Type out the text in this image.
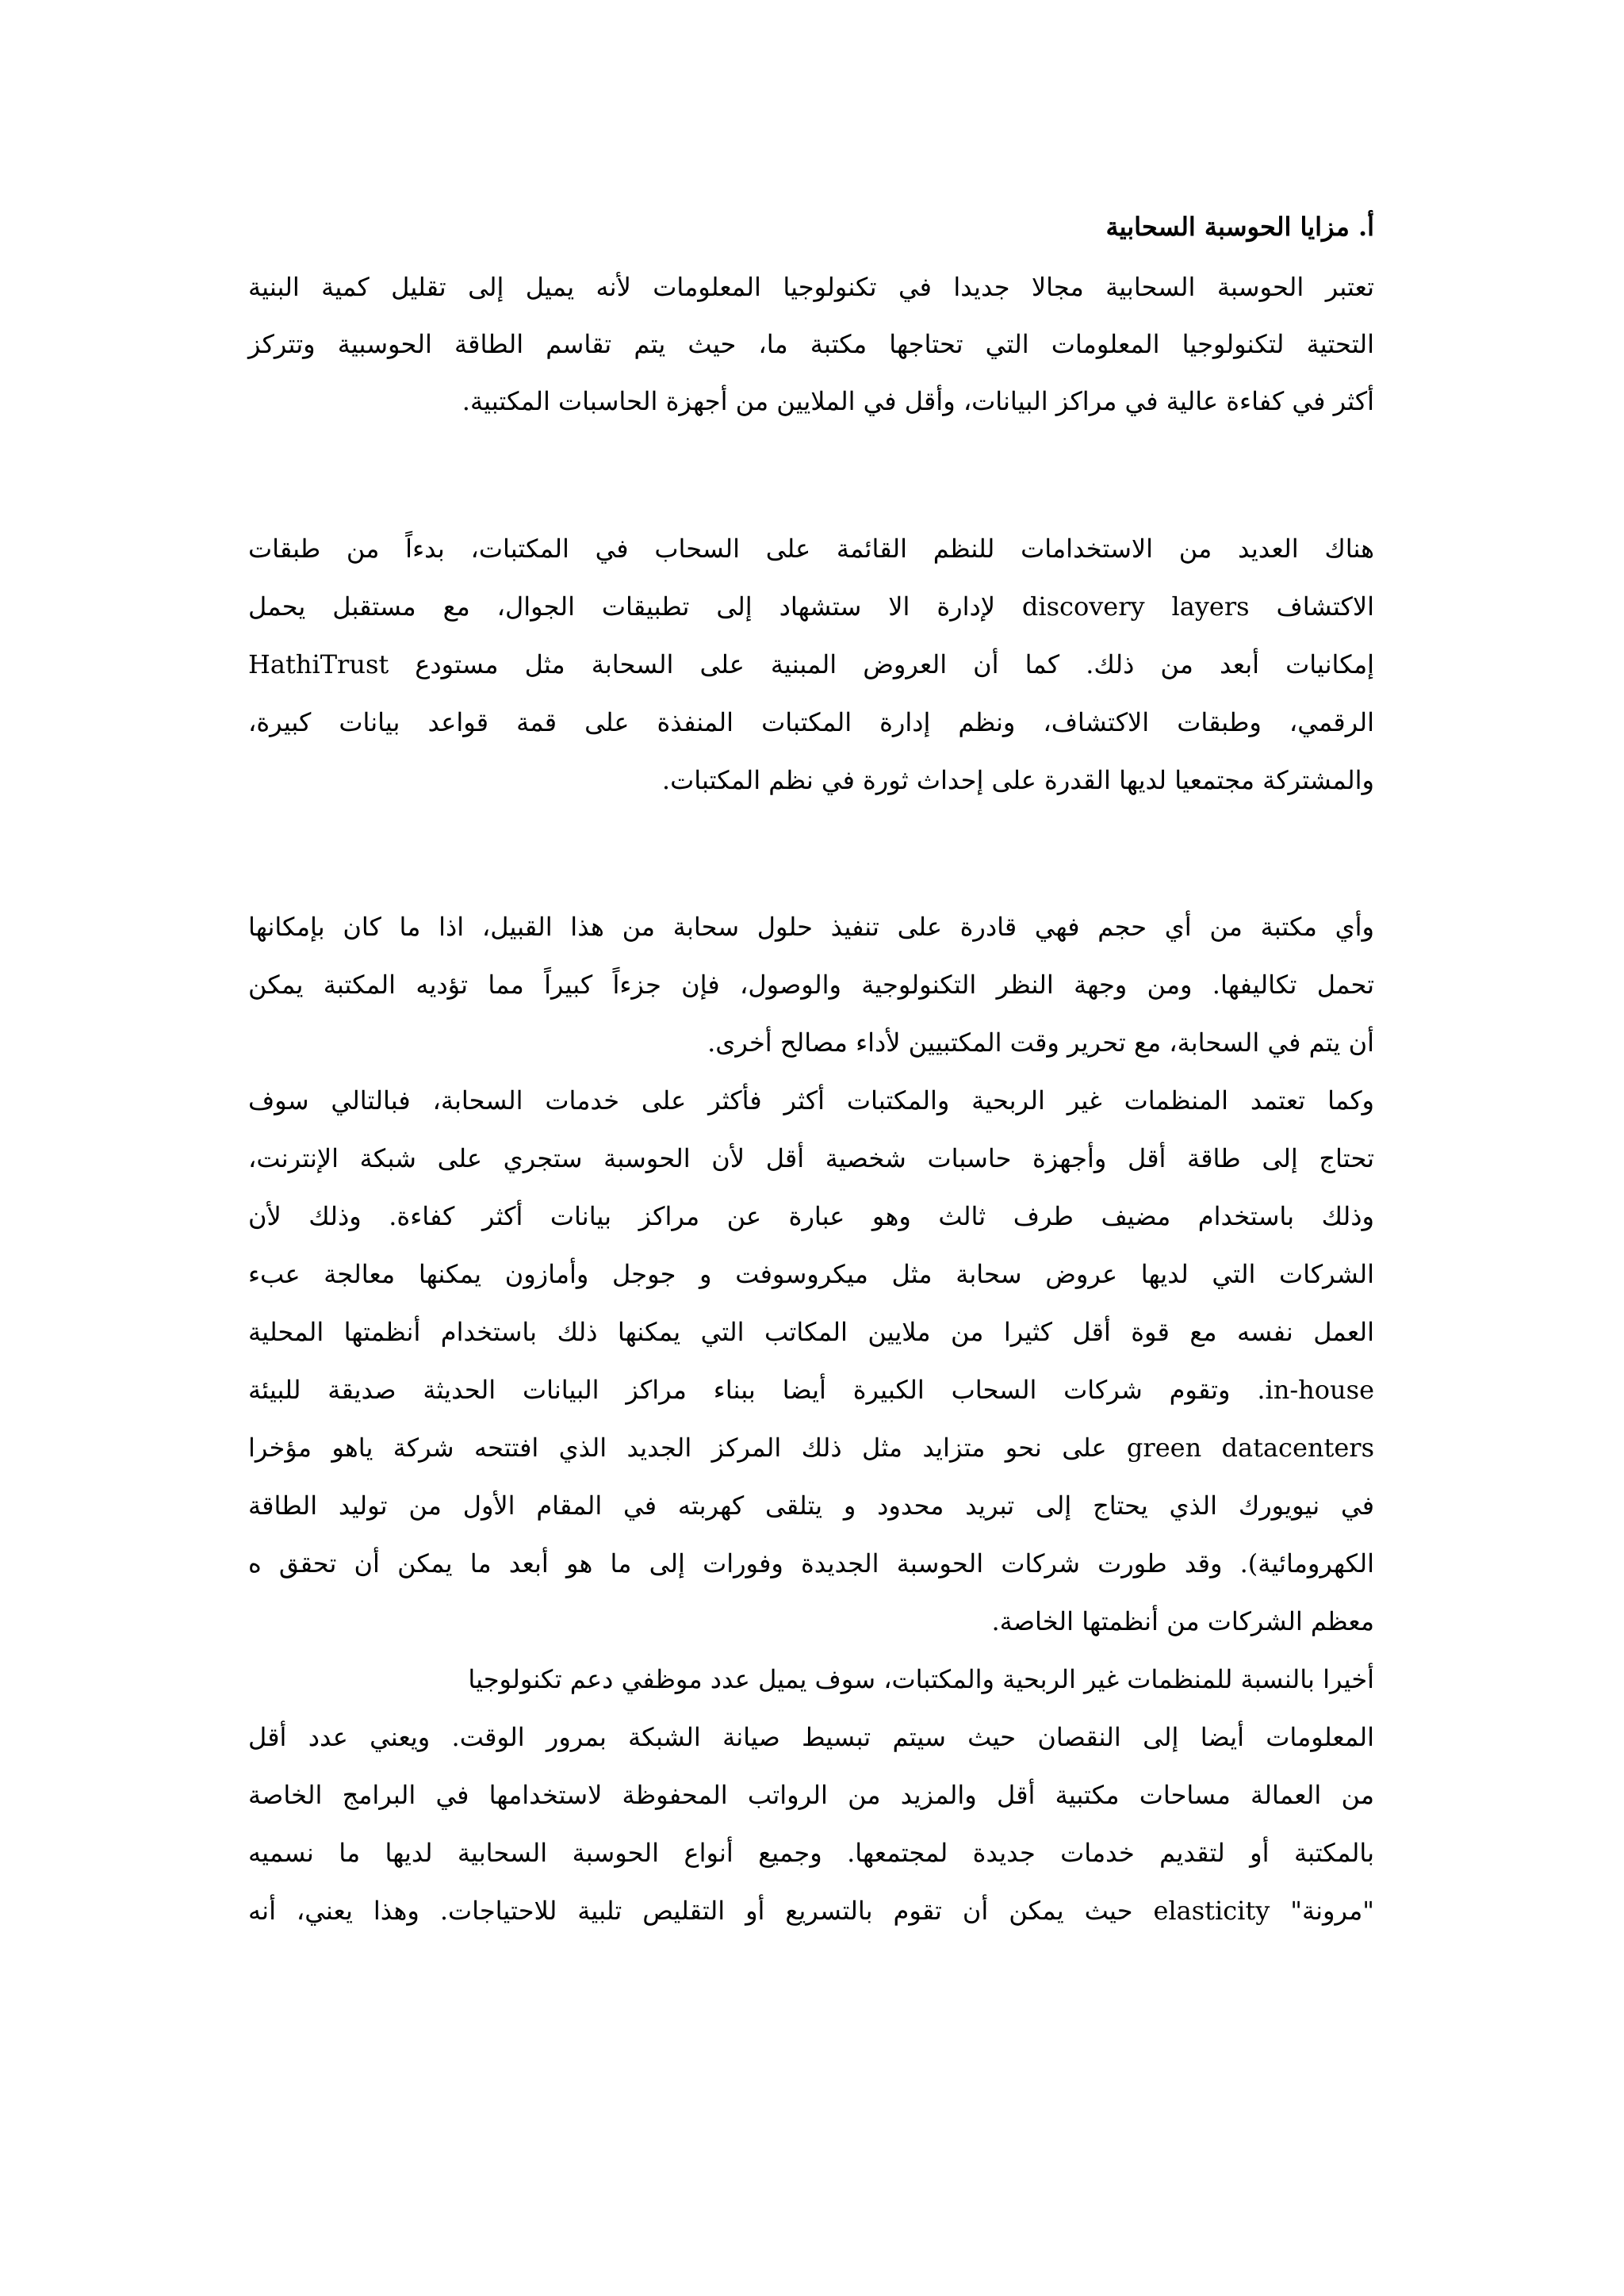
أ. مزايا الحوسبة السحابية
تعتبر الحوسبة السحابية مجالا جديدا في تكنولوجيا المعلومات لأنه يميل إلى تقليل كمية البنية
التحتية لتكنولوجيا المعلومات التي تحتاجها مكتبة ما، حيث يتم تقاسم الطاقة الحوسبية وتتركز
أكثر في كفاءة عالية في مراكز البيانات، وأقل في الملايين من أجهزة الحاسبات المكتبية.
هناك العديد من الاستخدامات للنظم القائمة على السحاب في المكتبات، بدءاً من طبقات
الاكتشاف discovery layers لإدارة الا ستشهاد إلى تطبيقات الجوال، مع مستقبل يحمل
إمكانيات أبعد من ذلك. كما أن العروض المبنية على السحابة مثل مستودع HathiTrust
الرقمي، وطبقات الاكتشاف، ونظم إدارة المكتبات المنفذة على قمة قواعد بيانات كبيرة،
والمشتركة مجتمعيا لديها القدرة على إحداث ثورة في نظم المكتبات.
وأي مكتبة من أي حجم فهي قادرة على تنفيذ حلول سحابة من هذا القبيل، اذا ما كان بإمكانها
تحمل تكاليفها. ومن وجهة النظر التكنولوجية والوصول، فإن جزءاً كبيراً مما تؤديه المكتبة يمكن
أن يتم في السحابة، مع تحرير وقت المكتبيين لأداء مصالح أخرى.
وكما تعتمد المنظمات غير الربحية والمكتبات أكثر فأكثر على خدمات السحابة، فبالتالي سوف
تحتاج إلى طاقة أقل وأجهزة حاسبات شخصية أقل لأن الحوسبة ستجري على شبكة الإنترنت،
وذلك باستخدام مضيف طرف ثالث وهو عبارة عن مراكز بيانات أكثر كفاءة. وذلك لأن
الشركات التي لديها عروض سحابة مثل ميكروسوفت و جوجل وأمازون يمكنها معالجة عبء
العمل نفسه مع قوة أقل كثيرا من ملايين المكاتب التي يمكنها ذلك باستخدام أنظمتها المحلية
in-house. وتقوم شركات السحاب الكبيرة أيضا ببناء مراكز البيانات الحديثة صديقة للبيئة
green datacenters على نحو متزايد مثل ذلك المركز الجديد الذي افتتحه شركة ياهو مؤخرا
في نيويورك الذي يحتاج إلى تبريد محدود و يتلقى كهربته في المقام الأول من توليد الطاقة
الكهرومائية). وقد طورت شركات الحوسبة الجديدة وفورات إلى ما هو أبعد ما يمكن أن تحقق ه
معظم الشركات من أنظمتها الخاصة.
أخيرا بالنسبة للمنظمات غير الربحية والمكتبات، سوف يميل عدد موظفي دعم تكنولوجيا
المعلومات أيضا إلى النقصان حيث سيتم تبسيط صيانة الشبكة بمرور الوقت. ويعني عدد أقل
من العمالة مساحات مكتبية أقل والمزيد من الرواتب المحفوظة لاستخدامها في البرامج الخاصة
بالمكتبة أو لتقديم خدمات جديدة لمجتمعها. وجميع أنواع الحوسبة السحابية لديها ما نسميه
"مرونة" elasticity حيث يمكن أن تقوم بالتسريع أو التقليص تلبية للاحتياجات. وهذا يعني، أنه
